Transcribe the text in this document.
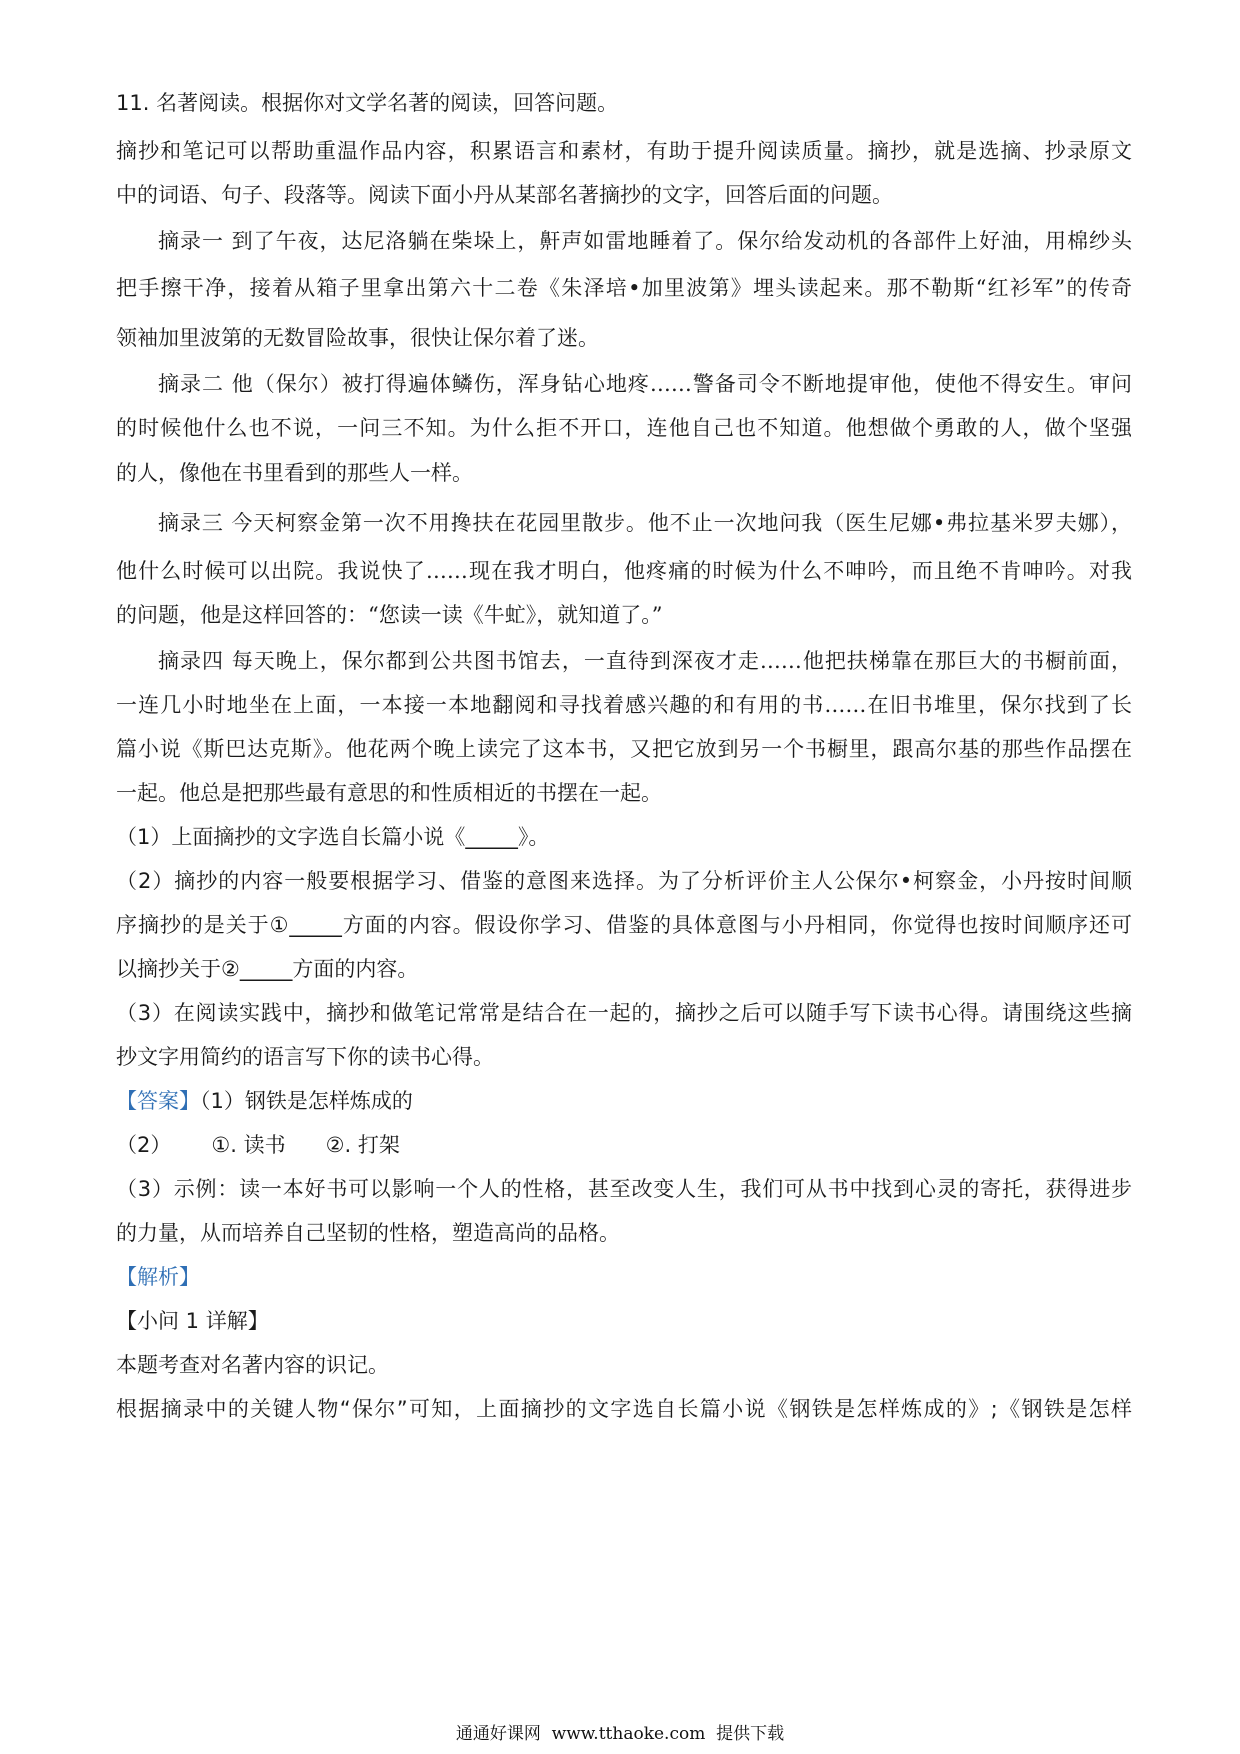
11. 名著阅读。根据你对文学名著的阅读，回答问题。
摘抄和笔记可以帮助重温作品内容，积累语言和素材，有助于提升阅读质量。摘抄，就是选摘、抄录原文
中的词语、句子、段落等。阅读下面小丹从某部名著摘抄的文字，回答后面的问题。
摘录一 到了午夜，达尼洛躺在柴垛上，鼾声如雷地睡着了。保尔给发动机的各部件上好油，用棉纱头
把手擦干净，接着从箱子里拿出第六十二卷《朱泽培•加里波第》埋头读起来。那不勒斯“红衫军”的传奇
领袖加里波第的无数冒险故事，很快让保尔着了迷。
摘录二 他（保尔）被打得遍体鳞伤，浑身钻心地疼……警备司令不断地提审他，使他不得安生。审问
的时候他什么也不说，一问三不知。为什么拒不开口，连他自己也不知道。他想做个勇敢的人，做个坚强
的人，像他在书里看到的那些人一样。
摘录三 今天柯察金第一次不用搀扶在花园里散步。他不止一次地问我（医生尼娜•弗拉基米罗夫娜），
他什么时候可以出院。我说快了……现在我才明白，他疼痛的时候为什么不呻吟，而且绝不肯呻吟。对我
的问题，他是这样回答的：“您读一读《牛虻》，就知道了。”
摘录四 每天晚上，保尔都到公共图书馆去，一直待到深夜才走……他把扶梯靠在那巨大的书橱前面，
一连几小时地坐在上面，一本接一本地翻阅和寻找着感兴趣的和有用的书……在旧书堆里，保尔找到了长
篇小说《斯巴达克斯》。他花两个晚上读完了这本书，又把它放到另一个书橱里，跟高尔基的那些作品摆在
一起。他总是把那些最有意思的和性质相近的书摆在一起。
（1）上面摘抄的文字选自长篇小说《_____》。
（2）摘抄的内容一般要根据学习、借鉴的意图来选择。为了分析评价主人公保尔•柯察金，小丹按时间顺
序摘抄的是关于①_____方面的内容。假设你学习、借鉴的具体意图与小丹相同，你觉得也按时间顺序还可
以摘抄关于②_____方面的内容。
（3）在阅读实践中，摘抄和做笔记常常是结合在一起的，摘抄之后可以随手写下读书心得。请围绕这些摘
抄文字用简约的语言写下你的读书心得。
【答案】（1）钢铁是怎样炼成的
（2）      ①. 读书      ②. 打架
（3）示例：读一本好书可以影响一个人的性格，甚至改变人生，我们可从书中找到心灵的寄托，获得进步
的力量，从而培养自己坚韧的性格，塑造高尚的品格。
【解析】
【小问 1 详解】
本题考查对名著内容的识记。
根据摘录中的关键人物“保尔”可知，上面摘抄的文字选自长篇小说《钢铁是怎样炼成的》;《钢铁是怎样
通通好课网  www.tthaoke.com  提供下载
